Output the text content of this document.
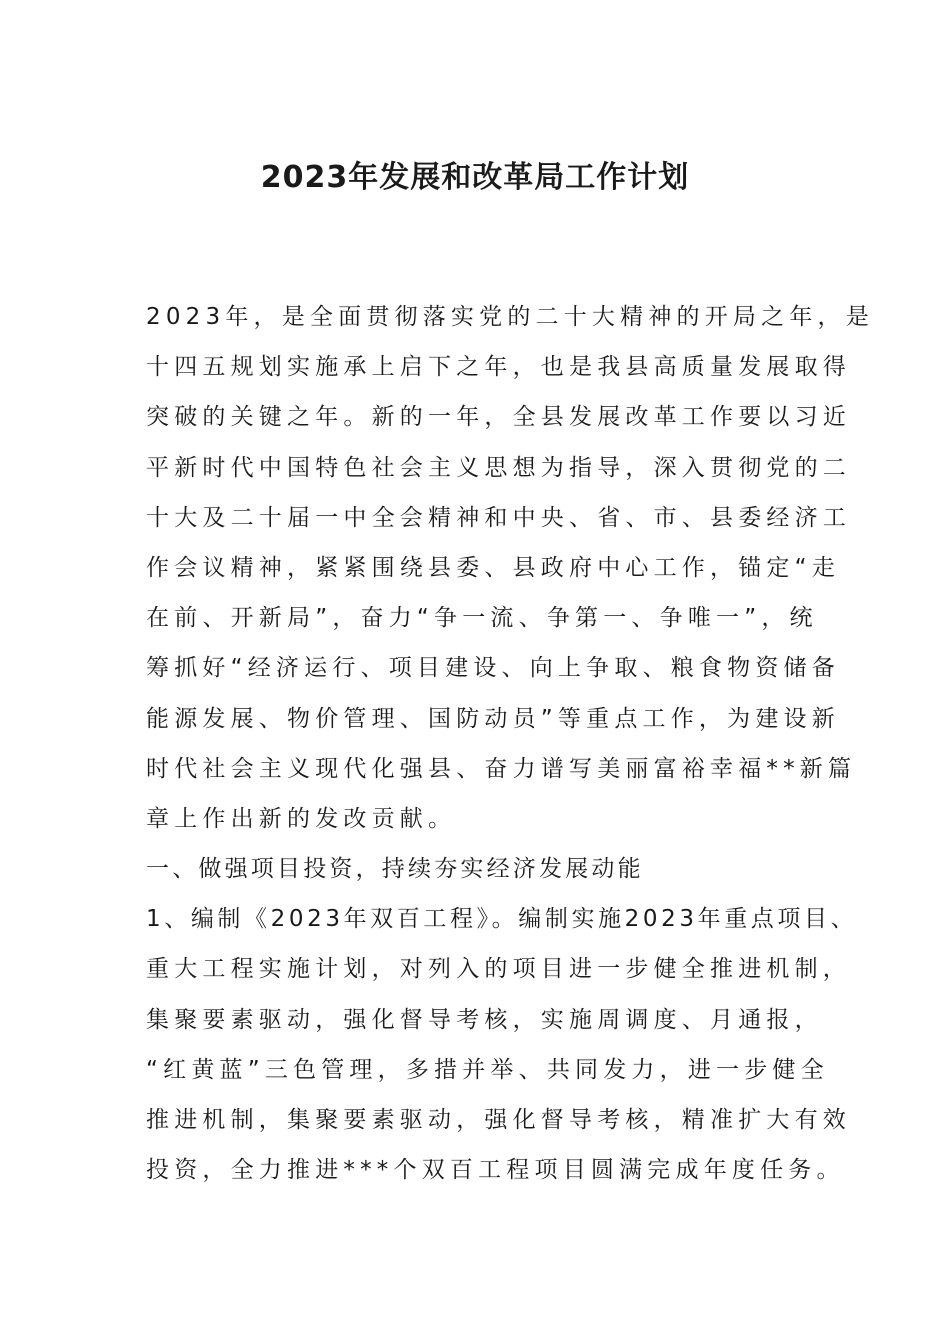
2023年发展和改革局工作计划

2023年，是全面贯彻落实党的二十大精神的开局之年，是

十四五规划实施承上启下之年，也是我县高质量发展取得

突破的关键之年。新的一年，全县发展改革工作要以习近

平新时代中国特色社会主义思想为指导，深入贯彻党的二

十大及二十届一中全会精神和中央、省、市、县委经济工

作会议精神，紧紧围绕县委、县政府中心工作，锚定“走

在前、开新局”，奋力“争一流、争第一、争唯一”，统

筹抓好“经济运行、项目建设、向上争取、粮食物资储备

能源发展、物价管理、国防动员”等重点工作，为建设新

时代社会主义现代化强县、奋力谱写美丽富裕幸福**新篇

章上作出新的发改贡献。

一、做强项目投资，持续夯实经济发展动能

1、编制《2023年双百工程》。编制实施2023年重点项目、

重大工程实施计划，对列入的项目进一步健全推进机制，

集聚要素驱动，强化督导考核，实施周调度、月通报，

“红黄蓝”三色管理，多措并举、共同发力，进一步健全

推进机制，集聚要素驱动，强化督导考核，精准扩大有效

投资，全力推进***个双百工程项目圆满完成年度任务。
